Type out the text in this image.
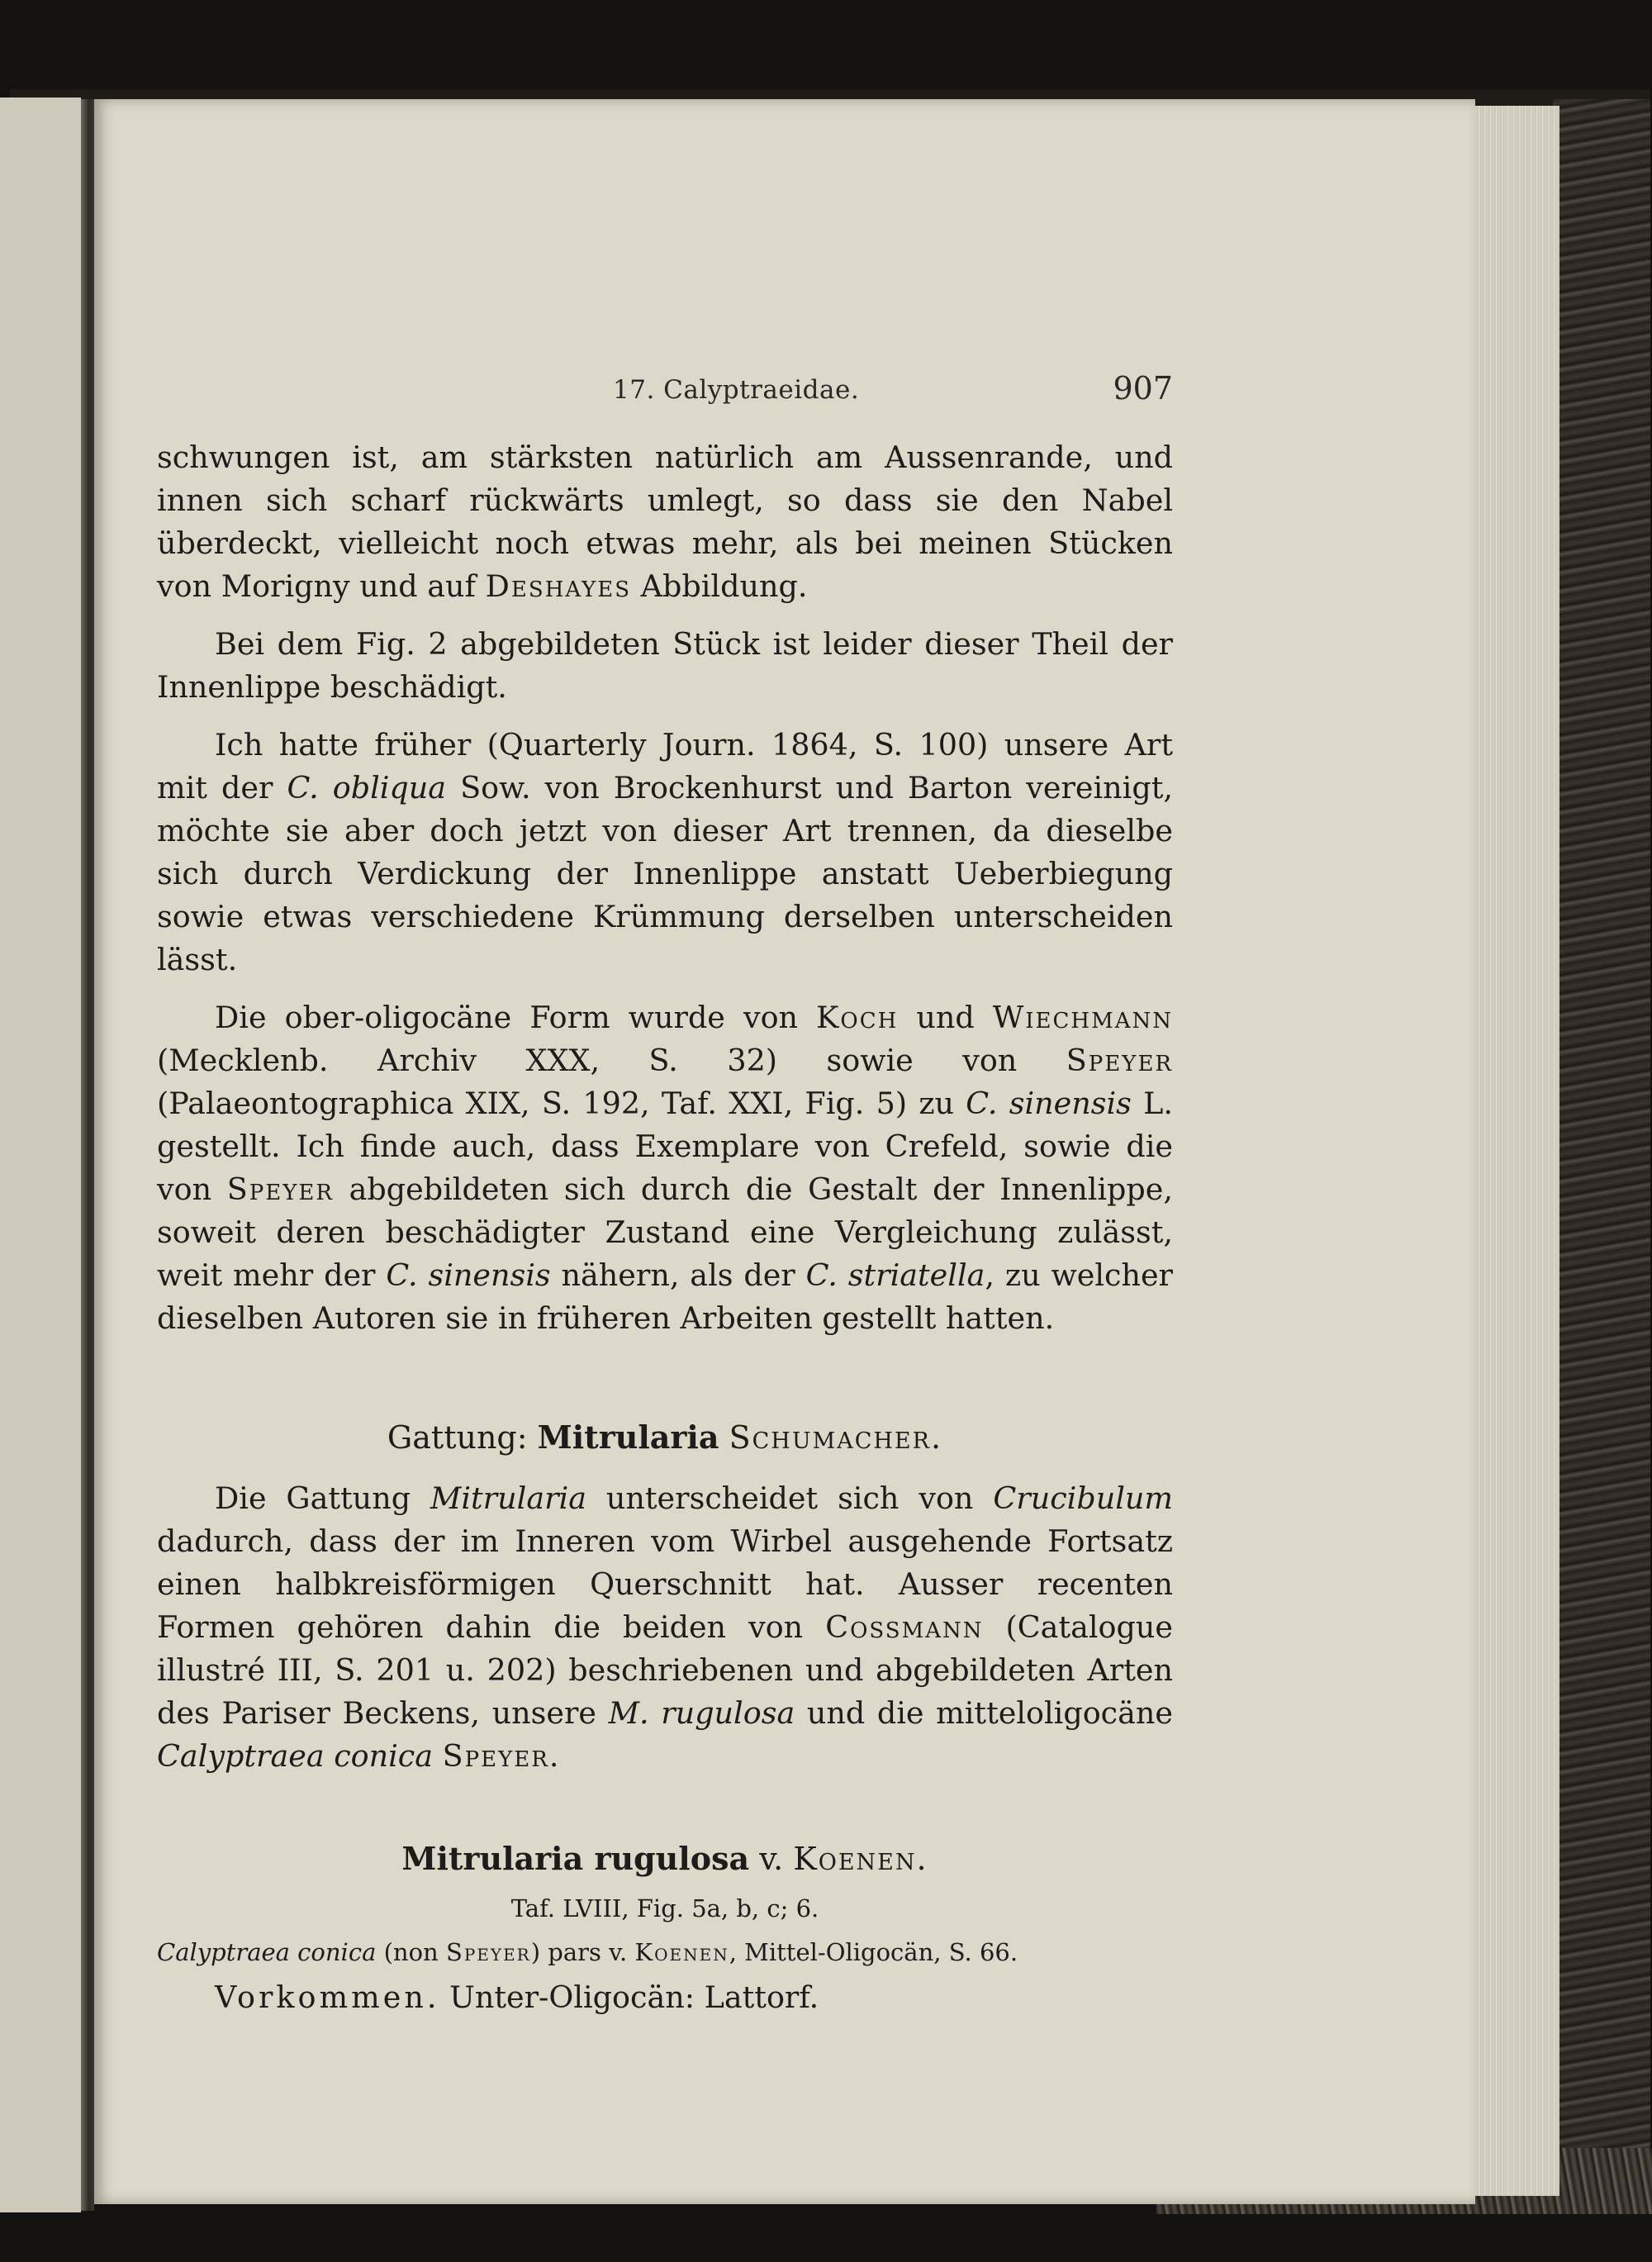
17. Calyptraeidae.	907

schwungen ist, am stärksten natürlich am Aussenrande, und innen sich scharf rückwärts umlegt, so dass sie den Nabel überdeckt, vielleicht noch etwas mehr, als bei meinen Stücken von Morigny und auf Deshayes Abbildung.

Bei dem Fig. 2 abgebildeten Stück ist leider dieser Theil der Innenlippe beschädigt.

Ich hatte früher (Quarterly Journ. 1864, S. 100) unsere Art mit der C. obliqua Sow. von Brockenhurst und Barton vereinigt, möchte sie aber doch jetzt von dieser Art trennen, da dieselbe sich durch Verdickung der Innenlippe anstatt Ueberbiegung sowie etwas verschiedene Krümmung derselben unterscheiden lässt.

Die ober-oligocäne Form wurde von Koch und Wiechmann (Mecklenb. Archiv XXX, S. 32) sowie von Speyer (Palaeontographica XIX, S. 192, Taf. XXI, Fig. 5) zu C. sinensis L. gestellt. Ich finde auch, dass Exemplare von Crefeld, sowie die von Speyer abgebildeten sich durch die Gestalt der Innenlippe, soweit deren beschädigter Zustand eine Vergleichung zulässt, weit mehr der C. sinensis nähern, als der C. striatella, zu welcher dieselben Autoren sie in früheren Arbeiten gestellt hatten.

Gattung: Mitrularia Schumacher.

Die Gattung Mitrularia unterscheidet sich von Crucibulum dadurch, dass der im Inneren vom Wirbel ausgehende Fortsatz einen halbkreisförmigen Querschnitt hat. Ausser recenten Formen gehören dahin die beiden von Cossmann (Catalogue illustré III, S. 201 u. 202) beschriebenen und abgebildeten Arten des Pariser Beckens, unsere M. rugulosa und die mitteloligocäne Calyptraea conica Speyer.

Mitrularia rugulosa v. Koenen.

Taf. LVIII, Fig. 5a, b, c; 6.

Calyptraea conica (non Speyer) pars v. Koenen, Mittel-Oligocän, S. 66.

Vorkommen. Unter-Oligocän: Lattorf.
